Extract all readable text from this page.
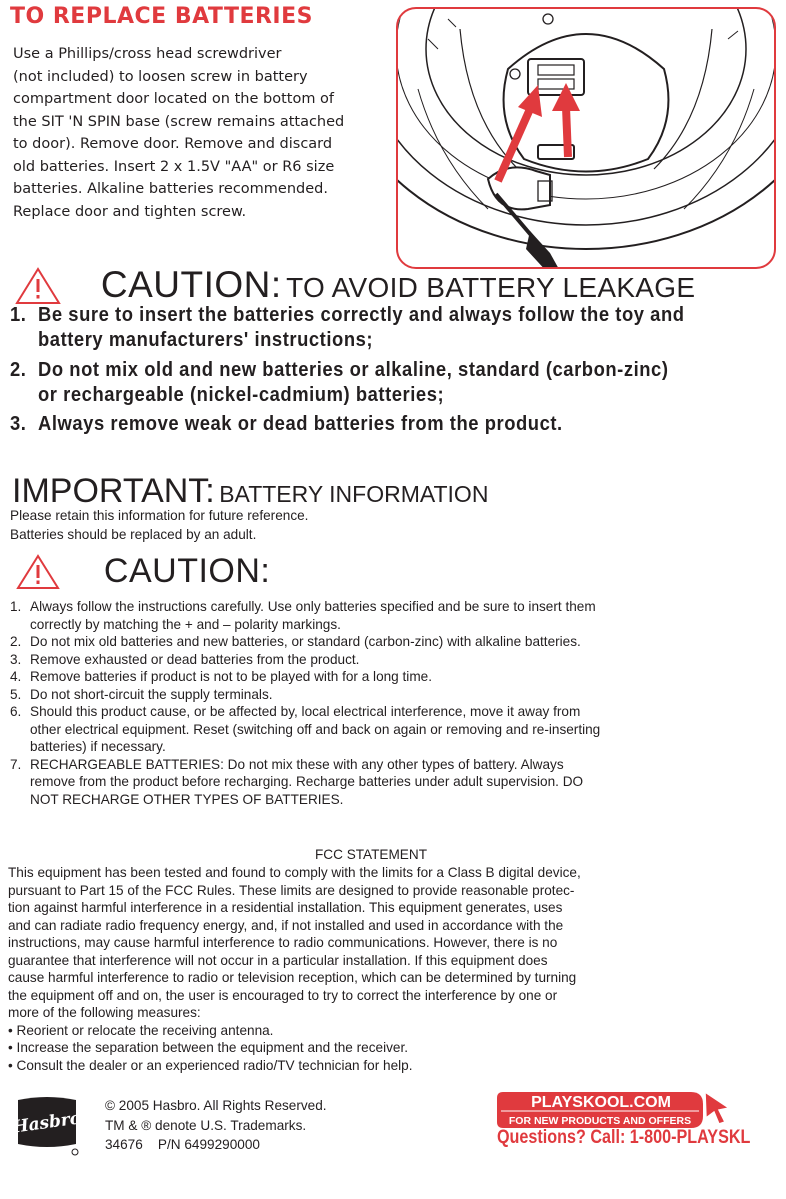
TO REPLACE BATTERIES
Use a Phillips/cross head screwdriver
(not included) to loosen screw in battery
compartment door located on the bottom of
the SIT 'N SPIN base (screw remains attached
to door). Remove door. Remove and discard
old batteries. Insert 2 x 1.5V "AA" or R6 size
batteries. Alkaline batteries recommended.
Replace door and tighten screw.
CAUTION: TO AVOID BATTERY LEAKAGE
1. Be sure to insert the batteries correctly and always follow the toy and
battery manufacturers' instructions;
2. Do not mix old and new batteries or alkaline, standard (carbon-zinc)
or rechargeable (nickel-cadmium) batteries;
3. Always remove weak or dead batteries from the product.
IMPORTANT: BATTERY INFORMATION
Please retain this information for future reference.
Batteries should be replaced by an adult.
CAUTION:
1. Always follow the instructions carefully. Use only batteries specified and be sure to insert them
correctly by matching the + and – polarity markings.
2. Do not mix old batteries and new batteries, or standard (carbon-zinc) with alkaline batteries.
3. Remove exhausted or dead batteries from the product.
4. Remove batteries if product is not to be played with for a long time.
5. Do not short-circuit the supply terminals.
6. Should this product cause, or be affected by, local electrical interference, move it away from
other electrical equipment. Reset (switching off and back on again or removing and re-inserting
batteries) if necessary.
7. RECHARGEABLE BATTERIES: Do not mix these with any other types of battery. Always
remove from the product before recharging. Recharge batteries under adult supervision. DO
NOT RECHARGE OTHER TYPES OF BATTERIES.
FCC STATEMENT
This equipment has been tested and found to comply with the limits for a Class B digital device,
pursuant to Part 15 of the FCC Rules. These limits are designed to provide reasonable protec-
tion against harmful interference in a residential installation. This equipment generates, uses
and can radiate radio frequency energy, and, if not installed and used in accordance with the
instructions, may cause harmful interference to radio communications. However, there is no
guarantee that interference will not occur in a particular installation. If this equipment does
cause harmful interference to radio or television reception, which can be determined by turning
the equipment off and on, the user is encouraged to try to correct the interference by one or
more of the following measures:
• Reorient or relocate the receiving antenna.
• Increase the separation between the equipment and the receiver.
• Consult the dealer or an experienced radio/TV technician for help.
Hasbro
© 2005 Hasbro. All Rights Reserved.
TM & ® denote U.S. Trademarks.
34676    P/N 6499290000
PLAYSKOOL.COM
FOR NEW PRODUCTS AND OFFERS
Questions? Call: 1-800-PLAYSKL
